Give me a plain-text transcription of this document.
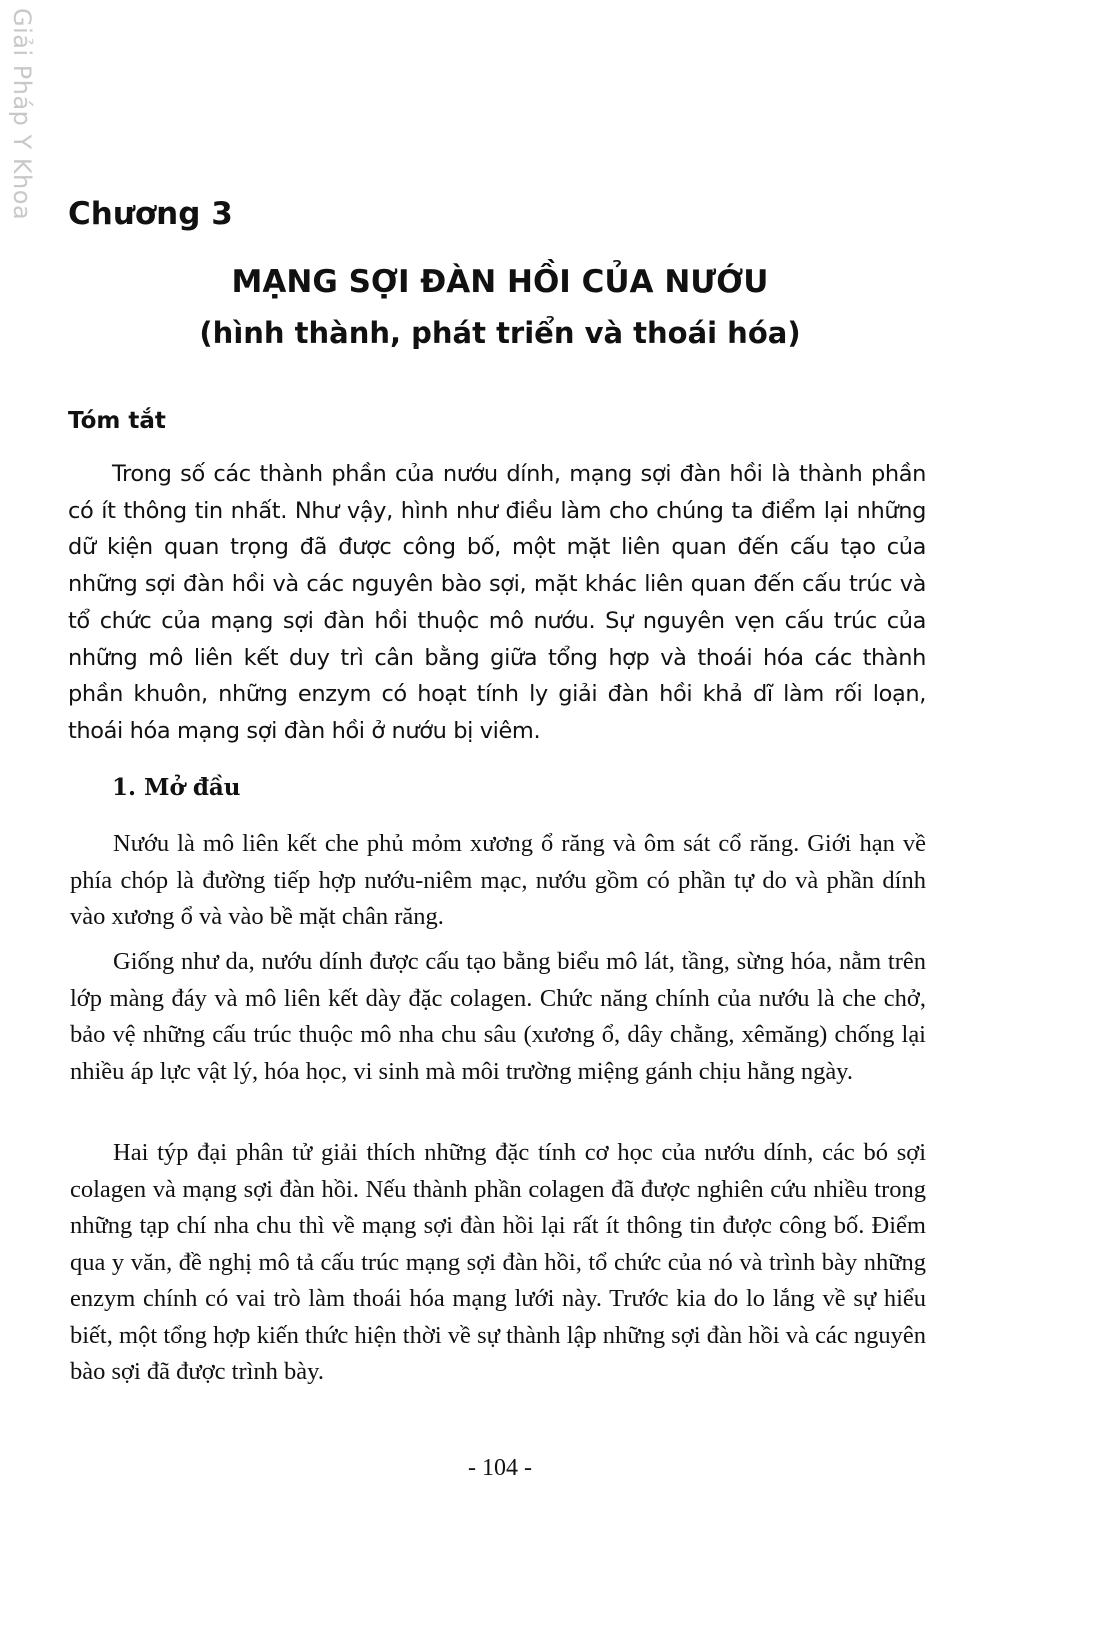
Giải Pháp Y Khoa Chương 3
MẠNG SỢI ĐÀN HỒI CỦA NƯỚU
(hình thành, phát triển và thoái hóa)
Tóm tắt

Trong số các thành phần của nướu dính, mạng sợi đàn hồi là thành phần có ít thông tin nhất. Như vậy, hình như điều làm cho chúng ta điểm lại những dữ kiện quan trọng đã được công bố, một mặt liên quan đến cấu tạo của những sợi đàn hồi và các nguyên bào sợi, mặt khác liên quan đến cấu trúc và tổ chức của mạng sợi đàn hồi thuộc mô nướu. Sự nguyên vẹn cấu trúc của những mô liên kết duy trì cân bằng giữa tổng hợp và thoái hóa các thành phần khuôn, những enzym có hoạt tính ly giải đàn hồi khả dĩ làm rối loạn, thoái hóa mạng sợi đàn hồi ở nướu bị viêm.

1. Mở đầu

Nướu là mô liên kết che phủ mỏm xương ổ răng và ôm sát cổ răng. Giới hạn về phía chóp là đường tiếp hợp nướu-niêm mạc, nướu gồm có phần tự do và phần dính vào xương ổ và vào bề mặt chân răng.

Giống như da, nướu dính được cấu tạo bằng biểu mô lát, tầng, sừng hóa, nằm trên lớp màng đáy và mô liên kết dày đặc colagen. Chức năng chính của nướu là che chở, bảo vệ những cấu trúc thuộc mô nha chu sâu (xương ổ, dây chằng, xêmăng) chống lại nhiều áp lực vật lý, hóa học, vi sinh mà môi trường miệng gánh chịu hằng ngày.

Hai týp đại phân tử giải thích những đặc tính cơ học của nướu dính, các bó sợi colagen và mạng sợi đàn hồi. Nếu thành phần colagen đã được nghiên cứu nhiều trong những tạp chí nha chu thì về mạng sợi đàn hồi lại rất ít thông tin được công bố. Điểm qua y văn, đề nghị mô tả cấu trúc mạng sợi đàn hồi, tổ chức của nó và trình bày những enzym chính có vai trò làm thoái hóa mạng lưới này. Trước kia do lo lắng về sự hiểu biết, một tổng hợp kiến thức hiện thời về sự thành lập những sợi đàn hồi và các nguyên bào sợi đã được trình bày.

- 104 -
